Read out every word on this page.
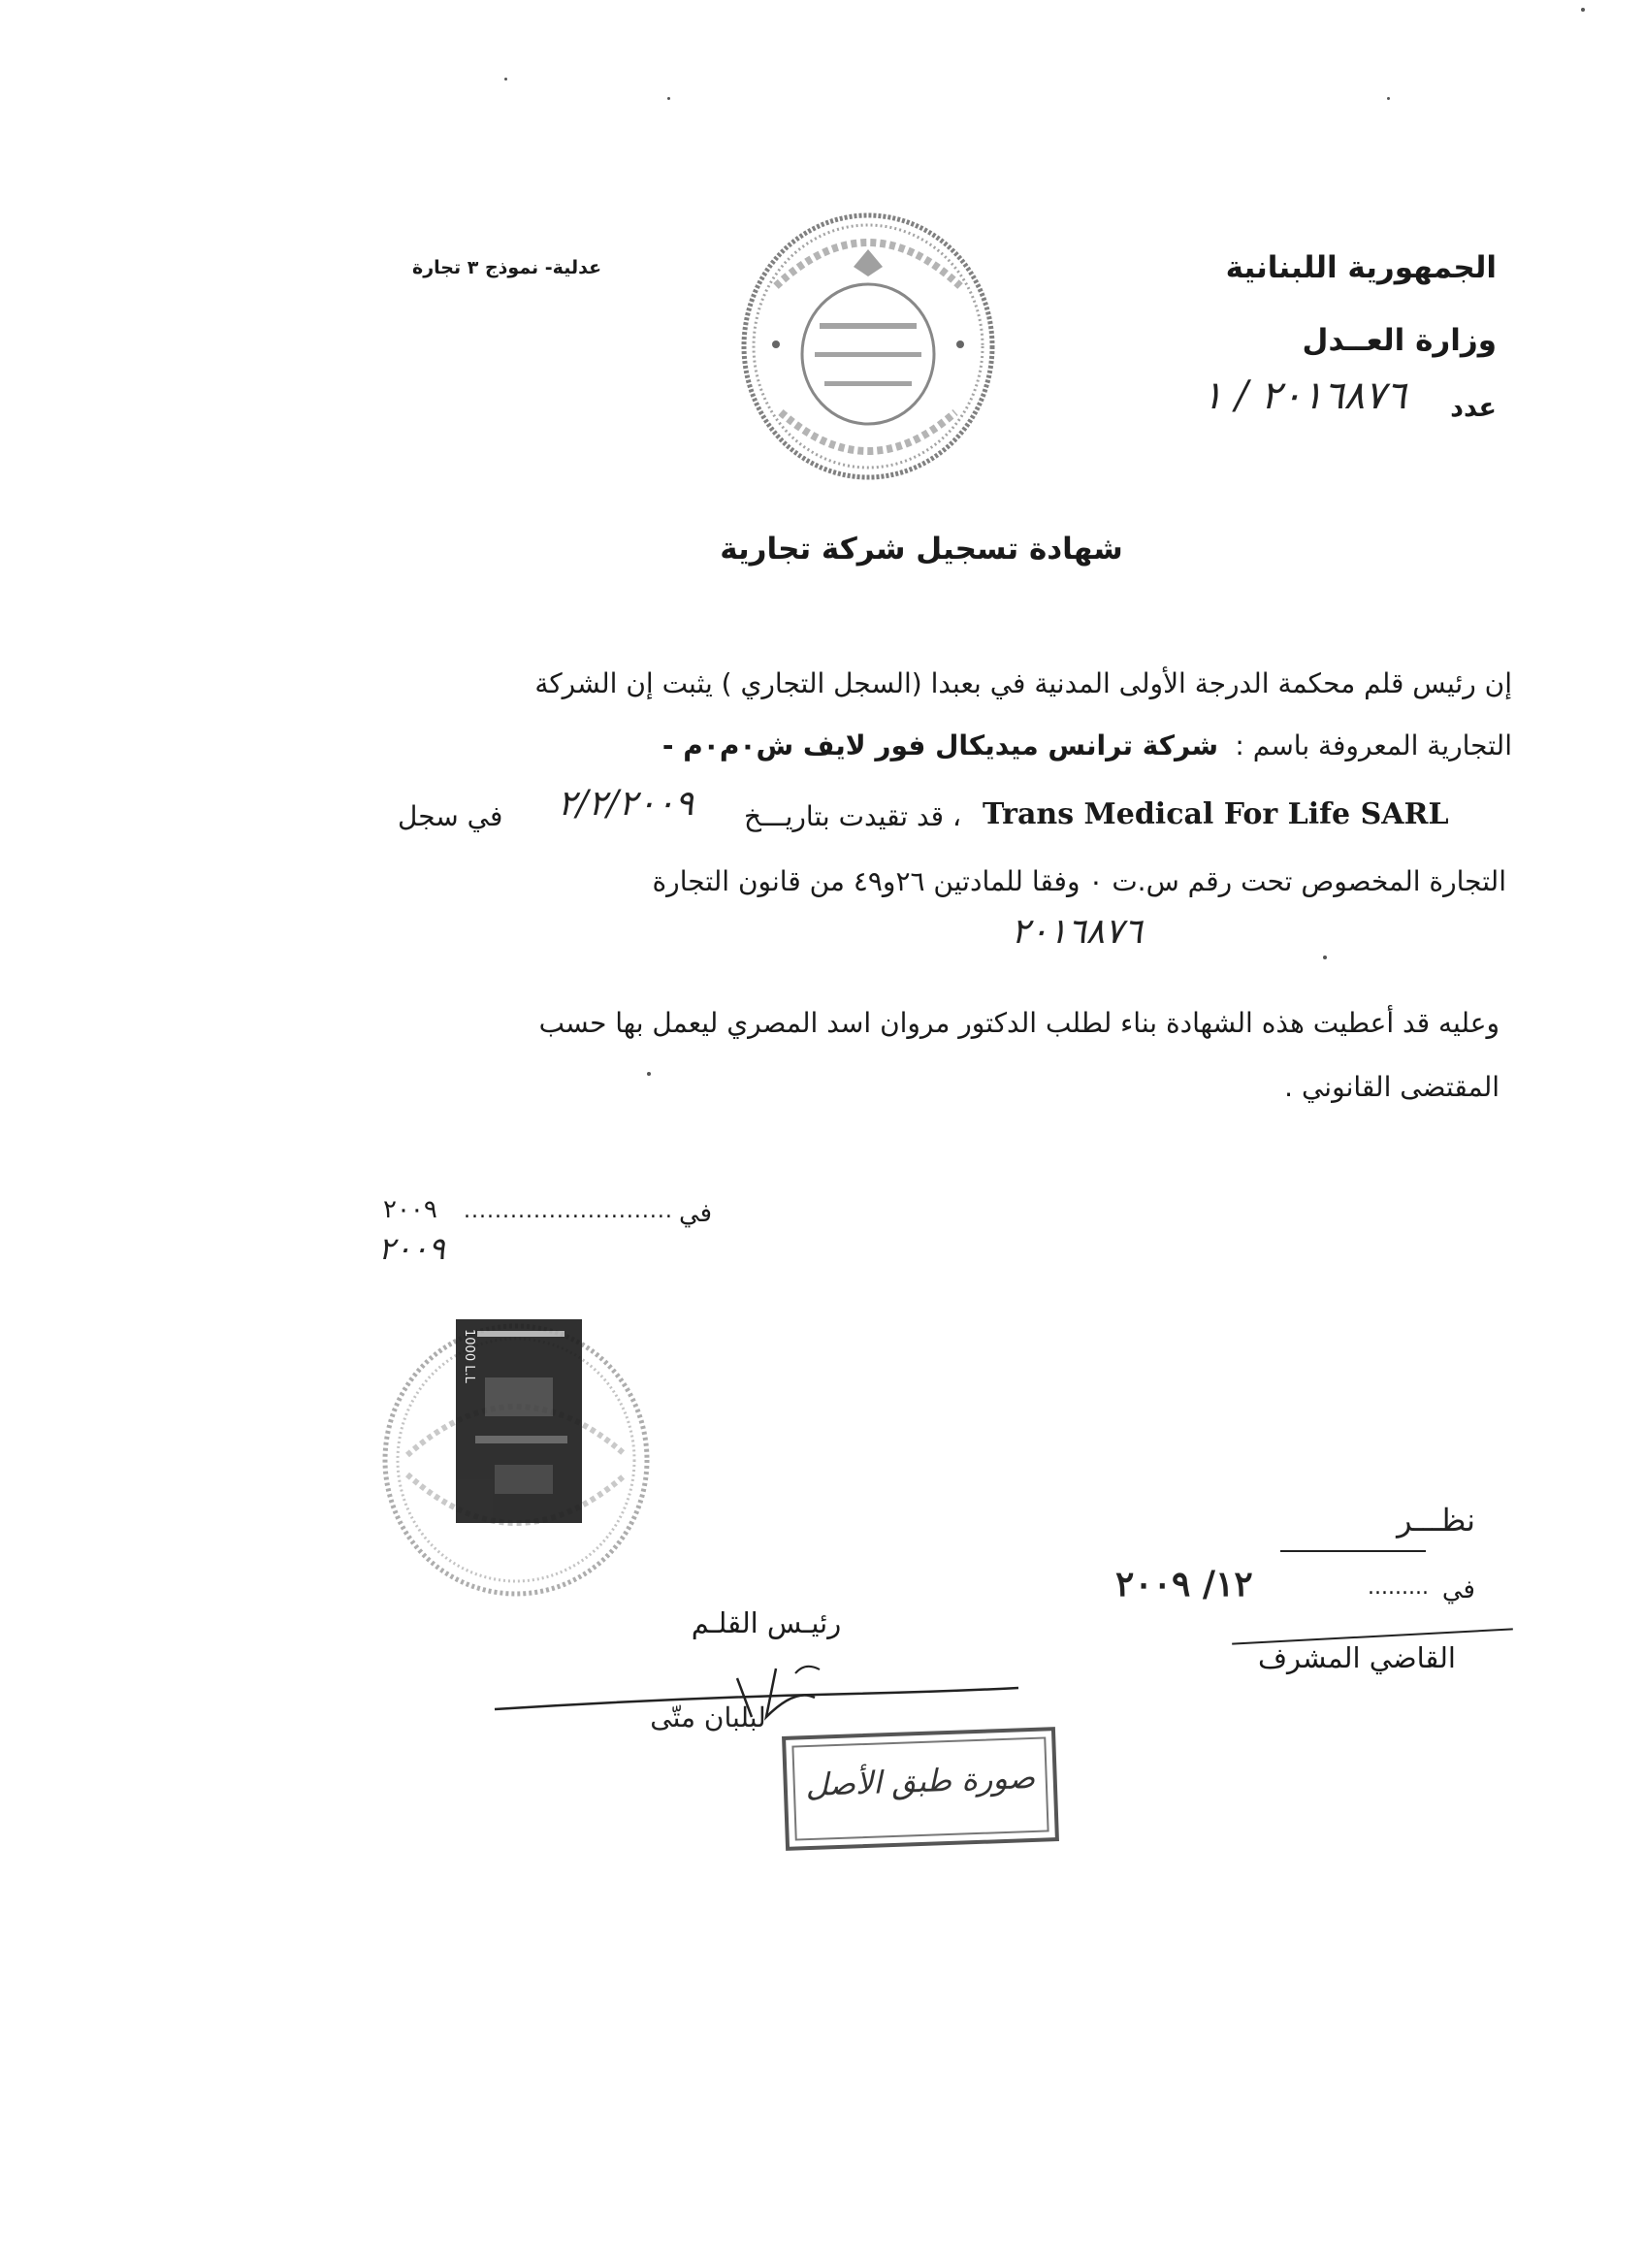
الجمهورية اللبنانية
وزارة العــدل
عدد
٢٠١٦٨٧٦ / ١
عدلية- نموذج ٣ تجارة
شهادة تسجيل شركة تجارية
إن رئيس قلم محكمة الدرجة الأولى المدنية في بعبدا (السجل التجاري ) يثبت إن الشركة
التجارية المعروفة باسم :
شركة ترانس ميديكال فور لايف ش٠م٠م -
Trans Medical For Life SARL
، قد تقيدت بتاريـــخ
٢/٢/٢٠٠٩
في سجل
التجارة المخصوص تحت رقم س.ت ٠ وفقا للمادتين ٢٦و٤٩ من قانون التجارة
٢٠١٦٨٧٦
وعليه قد أعطيت هذه الشهادة بناء لطلب الدكتور مروان اسد المصري ليعمل بها حسب
المقتضى القانوني .
في
...........................
٢٠٠٩
٢٠٠٩
1000 L.L
نظـــر
في
.........
١٢/ ٢٠٠٩
القاضي المشرف
رئيـس القلـم
لبلبان متّى
صورة طبق الأصل
